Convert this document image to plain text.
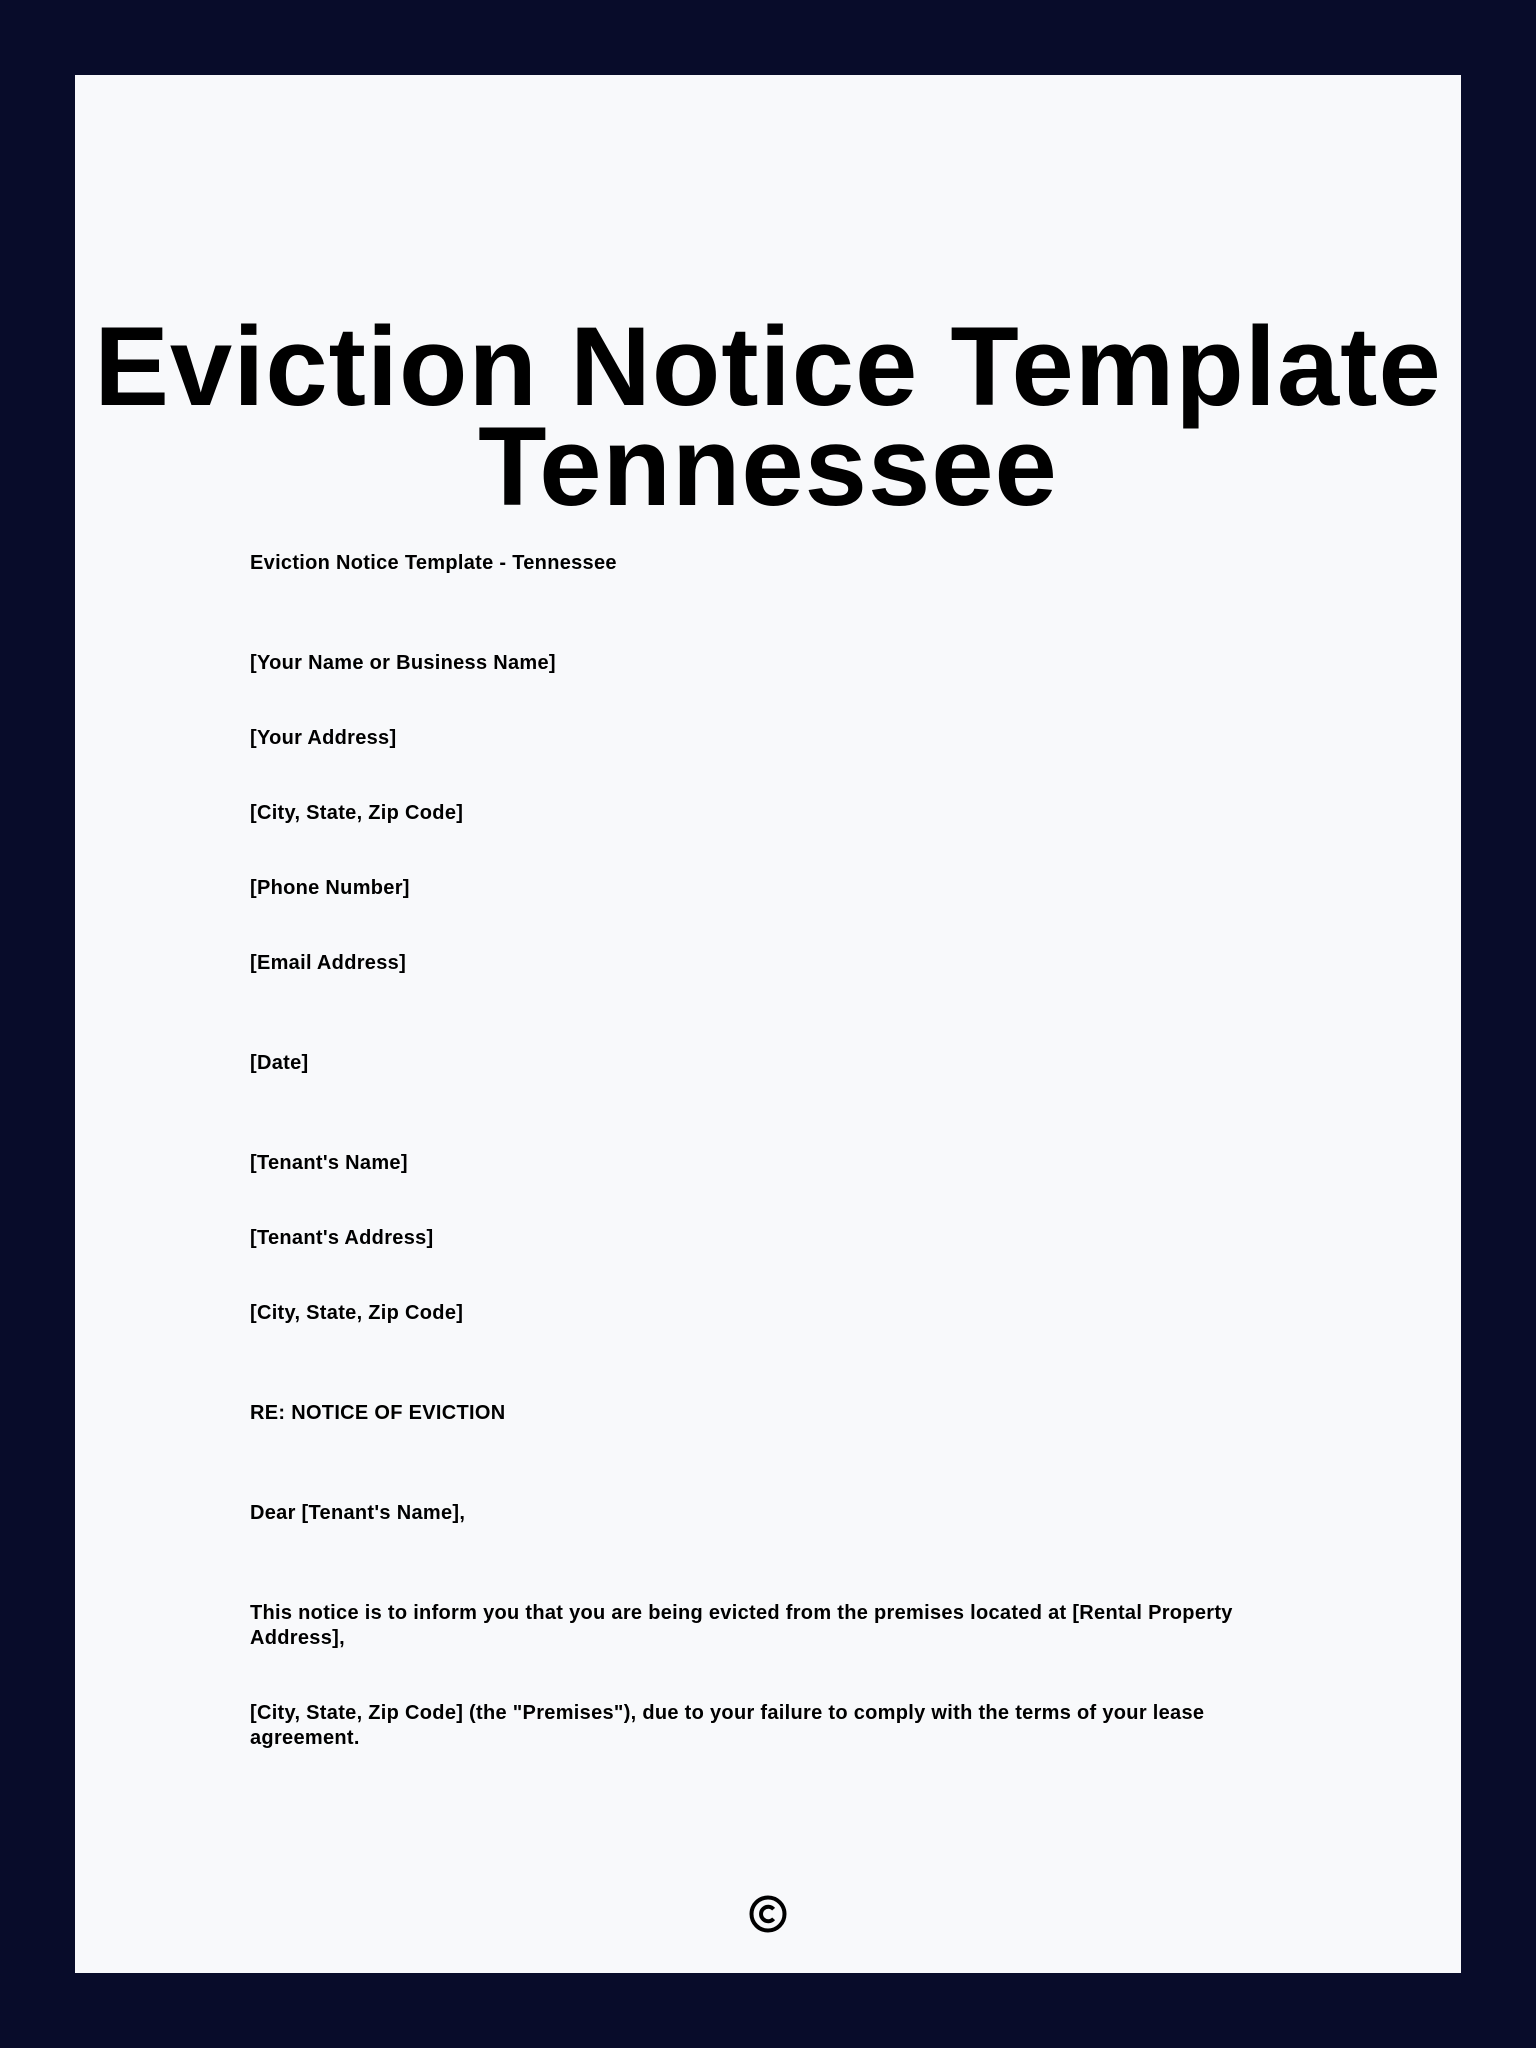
Eviction Notice Template
Tennessee

Eviction Notice Template - Tennessee

[Your Name or Business Name]

[Your Address]

[City, State, Zip Code]

[Phone Number]

[Email Address]

[Date]

[Tenant's Name]

[Tenant's Address]

[City, State, Zip Code]

RE: NOTICE OF EVICTION

Dear [Tenant's Name],

This notice is to inform you that you are being evicted from the premises located at [Rental Property Address],

[City, State, Zip Code] (the "Premises"), due to your failure to comply with the terms of your lease agreement.
